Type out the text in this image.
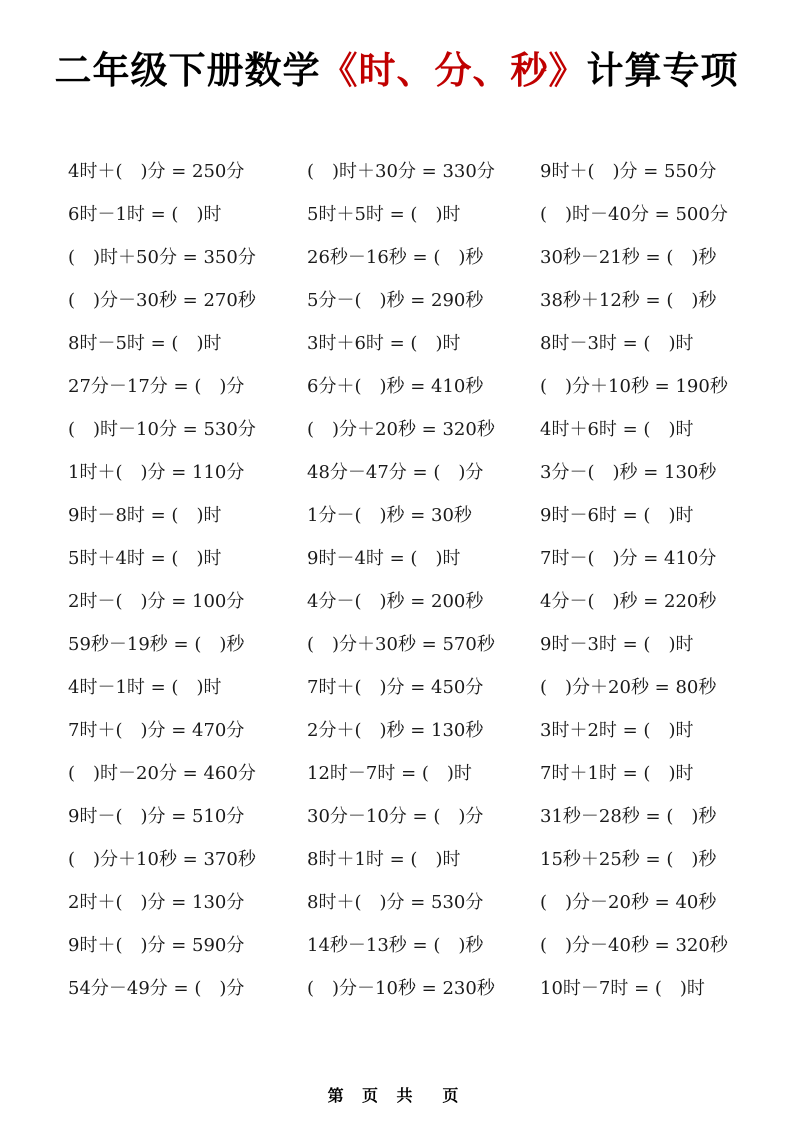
二年级下册数学《时、分、秒》计算专项
4时＋(　)分 = 250分
6时－1时 = (　)时
(　)时＋50分 = 350分
(　)分－30秒 = 270秒
8时－5时 = (　)时
27分－17分 = (　)分
(　)时－10分 = 530分
1时＋(　)分 = 110分
9时－8时 = (　)时
5时＋4时 = (　)时
2时－(　)分 = 100分
59秒－19秒 = (　)秒
4时－1时 = (　)时
7时＋(　)分 = 470分
(　)时－20分 = 460分
9时－(　)分 = 510分
(　)分＋10秒 = 370秒
2时＋(　)分 = 130分
9时＋(　)分 = 590分
54分－49分 = (　)分
(　)时＋30分 = 330分
5时＋5时 = (　)时
26秒－16秒 = (　)秒
5分－(　)秒 = 290秒
3时＋6时 = (　)时
6分＋(　)秒 = 410秒
(　)分＋20秒 = 320秒
48分－47分 = (　)分
1分－(　)秒 = 30秒
9时－4时 = (　)时
4分－(　)秒 = 200秒
(　)分＋30秒 = 570秒
7时＋(　)分 = 450分
2分＋(　)秒 = 130秒
12时－7时 = (　)时
30分－10分 = (　)分
8时＋1时 = (　)时
8时＋(　)分 = 530分
14秒－13秒 = (　)秒
(　)分－10秒 = 230秒
9时＋(　)分 = 550分
(　)时－40分 = 500分
30秒－21秒 = (　)秒
38秒＋12秒 = (　)秒
8时－3时 = (　)时
(　)分＋10秒 = 190秒
4时＋6时 = (　)时
3分－(　)秒 = 130秒
9时－6时 = (　)时
7时－(　)分 = 410分
4分－(　)秒 = 220秒
9时－3时 = (　)时
(　)分＋20秒 = 80秒
3时＋2时 = (　)时
7时＋1时 = (　)时
31秒－28秒 = (　)秒
15秒＋25秒 = (　)秒
(　)分－20秒 = 40秒
(　)分－40秒 = 320秒
10时－7时 = (　)时
第 页 共  页
